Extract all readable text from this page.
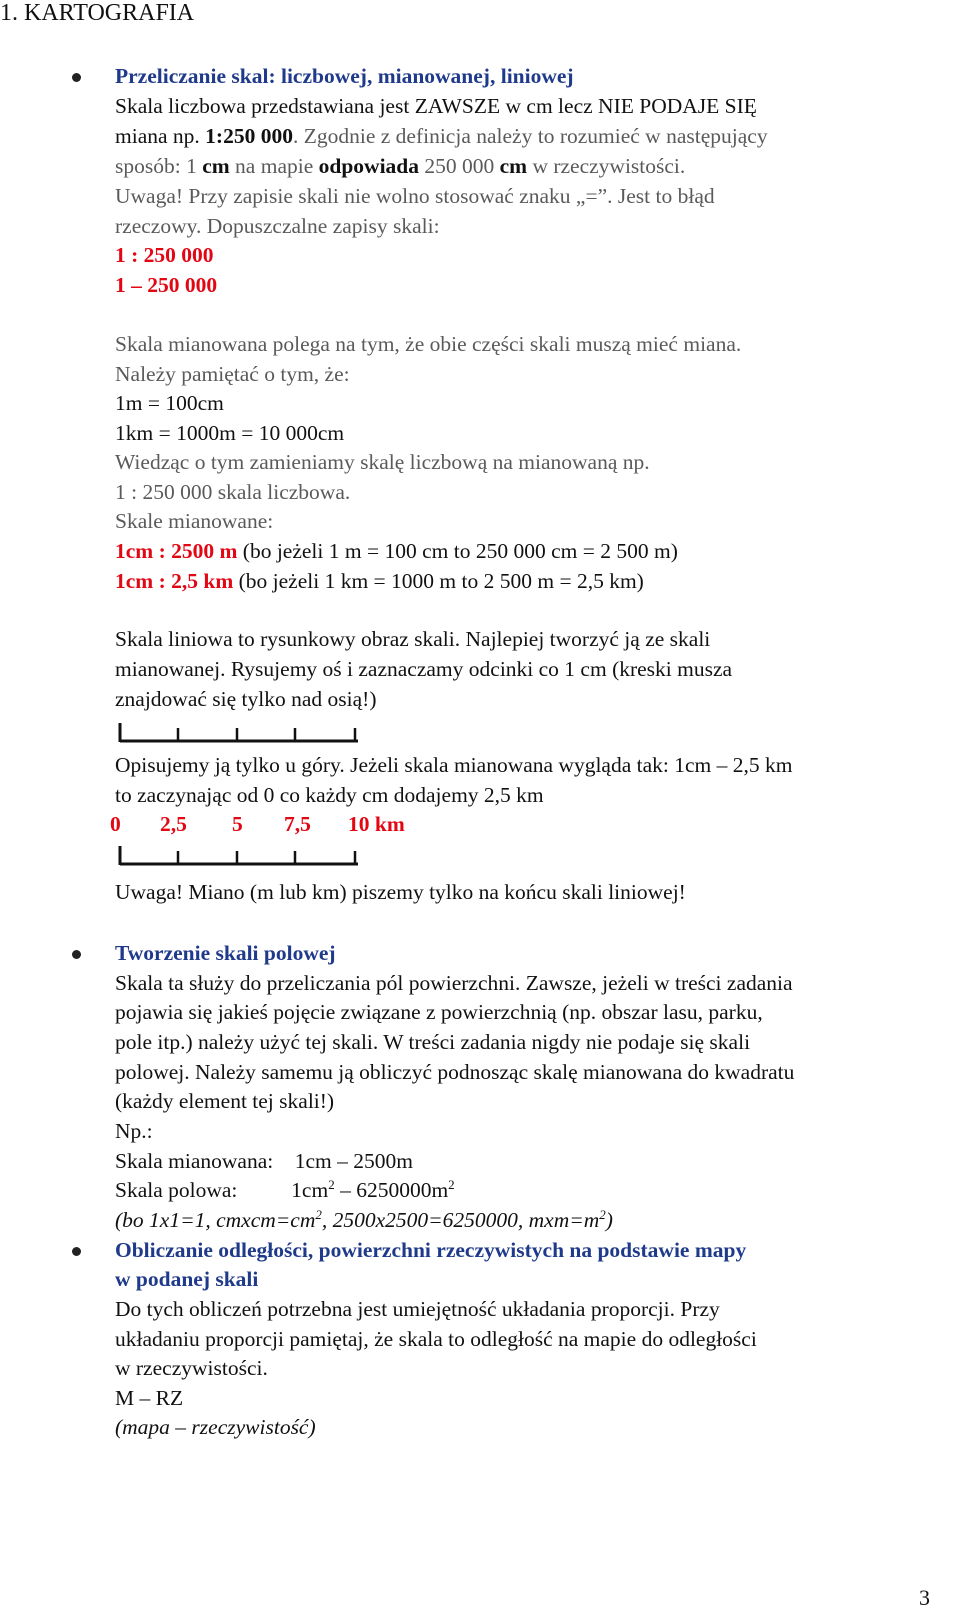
1. KARTOGRAFIA
Przeliczanie skal: liczbowej, mianowanej, liniowej
Skala liczbowa przedstawiana jest ZAWSZE w cm lecz NIE PODAJE SIĘ
miana np. 1:250 000. Zgodnie z definicja należy to rozumieć w następujący
sposób: 1 cm na mapie odpowiada 250 000 cm w rzeczywistości.
Uwaga! Przy zapisie skali nie wolno stosować znaku „=”. Jest to błąd
rzeczowy. Dopuszczalne zapisy skali:
1 : 250 000
1 – 250 000
Skala mianowana polega na tym, że obie części skali muszą mieć miana.
Należy pamiętać o tym, że:
1m = 100cm
1km = 1000m = 10 000cm
Wiedząc o tym zamieniamy skalę liczbową na mianowaną np.
1 : 250 000 skala liczbowa.
Skale mianowane:
1cm : 2500 m (bo jeżeli 1 m = 100 cm to 250 000 cm = 2 500 m)
1cm : 2,5 km (bo jeżeli 1 km = 1000 m to 2 500 m = 2,5 km)
Skala liniowa to rysunkowy obraz skali. Najlepiej tworzyć ją ze skali
mianowanej. Rysujemy oś i zaznaczamy odcinki co 1 cm (kreski musza
znajdować się tylko nad osią!)
Opisujemy ją tylko u góry. Jeżeli skala mianowana wygląda tak: 1cm – 2,5 km
to zaczynając od 0 co każdy cm dodajemy 2,5 km
0 2,5 5 7,5 10 km
Uwaga! Miano (m lub km) piszemy tylko na końcu skali liniowej!
Tworzenie skali polowej
Skala ta służy do przeliczania pól powierzchni. Zawsze, jeżeli w treści zadania
pojawia się jakieś pojęcie związane z powierzchnią (np. obszar lasu, parku,
pole itp.) należy użyć tej skali. W treści zadania nigdy nie podaje się skali
polowej. Należy samemu ją obliczyć podnosząc skalę mianowana do kwadratu
(każdy element tej skali!)
Np.:
Skala mianowana:    1cm – 2500m
Skala polowa:          $1cm^2 - 6250000m^2$
(bo 1x1=1, $cmxcm=cm^2$, 2500x2500=6250000, $mxm=m^2$)
Obliczanie odległości, powierzchni rzeczywistych na podstawie mapy
w podanej skali
Do tych obliczeń potrzebna jest umiejętność układania proporcji. Przy
układaniu proporcji pamiętaj, że skala to odległość na mapie do odległości
w rzeczywistości.
M – RZ
(mapa – rzeczywistość)
3
